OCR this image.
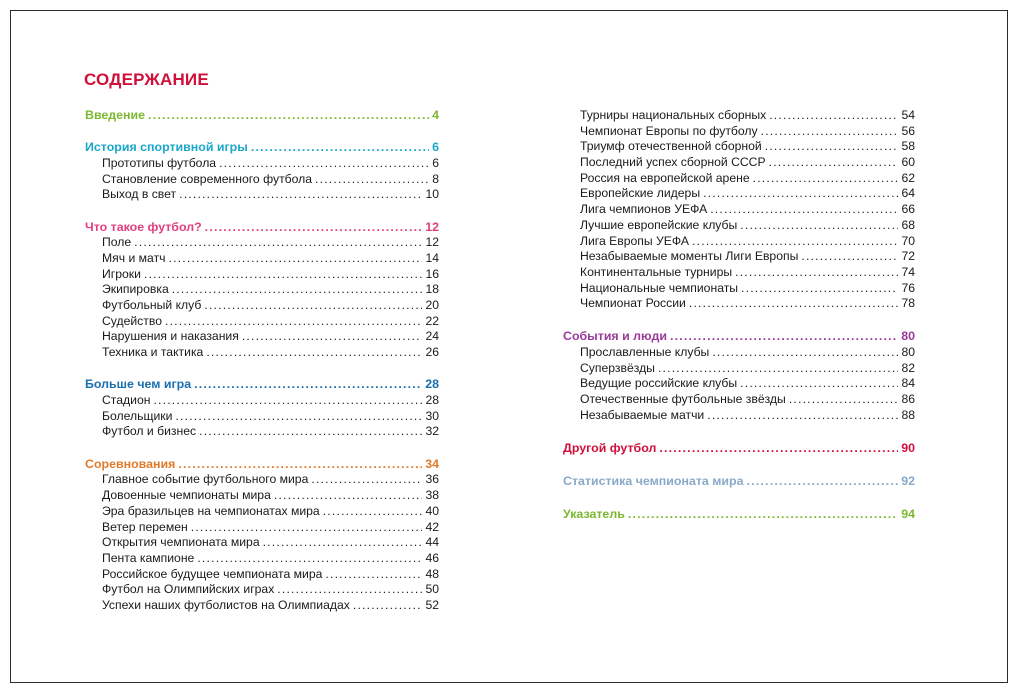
СОДЕРЖАНИЕ
Введение .....	4
История спортивной игры .....	6
Прототипы футбола .....	6
Становление современного футбола .....	8
Выход в свет .....	10
Что такое футбол? .....	12
Поле .....	12
Мяч и матч .....	14
Игроки .....	16
Экипировка .....	18
Футбольный клуб .....	20
Судейство .....	22
Нарушения и наказания .....	24
Техника и тактика .....	26
Больше чем игра .....	28
Стадион .....	28
Болельщики .....	30
Футбол и бизнес .....	32
Соревнования .....	34
Главное событие футбольного мира .....	36
Довоенные чемпионаты мира .....	38
Эра бразильцев на чемпионатах мира .....	40
Ветер перемен .....	42
Открытия чемпионата мира .....	44
Пента кампионе .....	46
Российское будущее чемпионата мира .....	48
Футбол на Олимпийских играх .....	50
Успехи наших футболистов на Олимпиадах .....	52
Турниры национальных сборных .....	54
Чемпионат Европы по футболу .....	56
Триумф отечественной сборной .....	58
Последний успех сборной СССР .....	60
Россия на европейской арене .....	62
Европейские лидеры .....	64
Лига чемпионов УЕФА .....	66
Лучшие европейские клубы .....	68
Лига Европы УЕФА .....	70
Незабываемые моменты Лиги Европы .....	72
Континентальные турниры .....	74
Национальные чемпионаты .....	76
Чемпионат России .....	78
События и люди .....	80
Прославленные клубы .....	80
Суперзвёзды .....	82
Ведущие российские клубы .....	84
Отечественные футбольные звёзды .....	86
Незабываемые матчи .....	88
Другой футбол .....	90
Статистика чемпионата мира .....	92
Указатель .....	94
